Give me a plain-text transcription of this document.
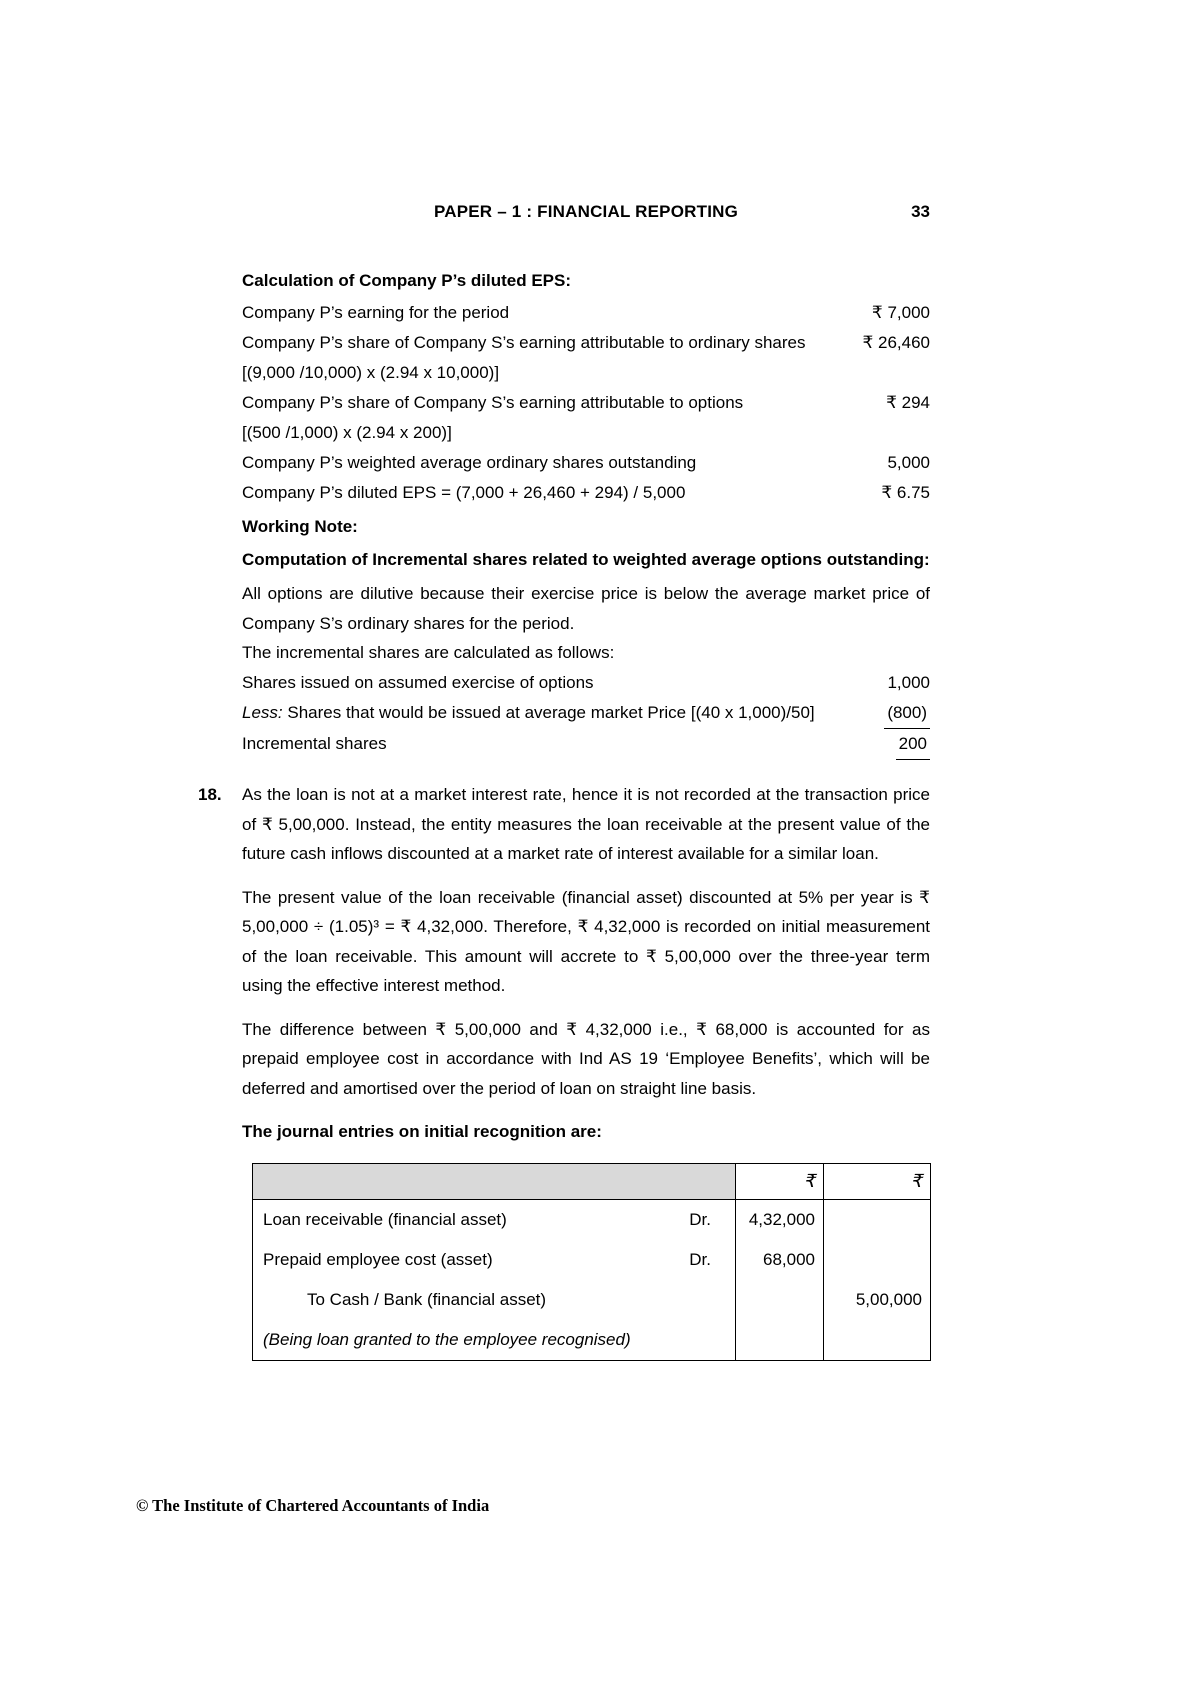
PAPER – 1 : FINANCIAL REPORTING	33
Calculation of Company P’s diluted EPS:
Company P’s earning for the period	₹ 7,000
Company P’s share of Company S’s earning attributable to ordinary shares	₹ 26,460
[(9,000 /10,000) x (2.94 x 10,000)]
Company P’s share of Company S’s earning attributable to options	₹ 294
[(500 /1,000) x (2.94 x 200)]
Company P’s weighted average ordinary shares outstanding	5,000
Company P’s diluted EPS = (7,000 + 26,460 + 294) / 5,000	₹ 6.75
Working Note:
Computation of Incremental shares related to weighted average options outstanding:
All options are dilutive because their exercise price is below the average market price of Company S’s ordinary shares for the period.
The incremental shares are calculated as follows:
Shares issued on assumed exercise of options	1,000
Less: Shares that would be issued at average market Price [(40 x 1,000)/50]	(800)
Incremental shares	200
18. As the loan is not at a market interest rate, hence it is not recorded at the transaction price of ₹ 5,00,000. Instead, the entity measures the loan receivable at the present value of the future cash inflows discounted at a market rate of interest available for a similar loan.
The present value of the loan receivable (financial asset) discounted at 5% per year is ₹ 5,00,000 ÷ (1.05)³ = ₹ 4,32,000. Therefore, ₹ 4,32,000 is recorded on initial measurement of the loan receivable. This amount will accrete to ₹ 5,00,000 over the three-year term using the effective interest method.
The difference between ₹ 5,00,000 and ₹ 4,32,000 i.e., ₹ 68,000 is accounted for as prepaid employee cost in accordance with Ind AS 19 ‘Employee Benefits’, which will be deferred and amortised over the period of loan on straight line basis.
The journal entries on initial recognition are:
	₹	₹

Loan receivable (financial asset) Dr.	4,32,000	

Prepaid employee cost (asset) Dr.	68,000	

To Cash / Bank (financial asset)		5,00,000

(Being loan granted to the employee recognised)		

© The Institute of Chartered Accountants of India
